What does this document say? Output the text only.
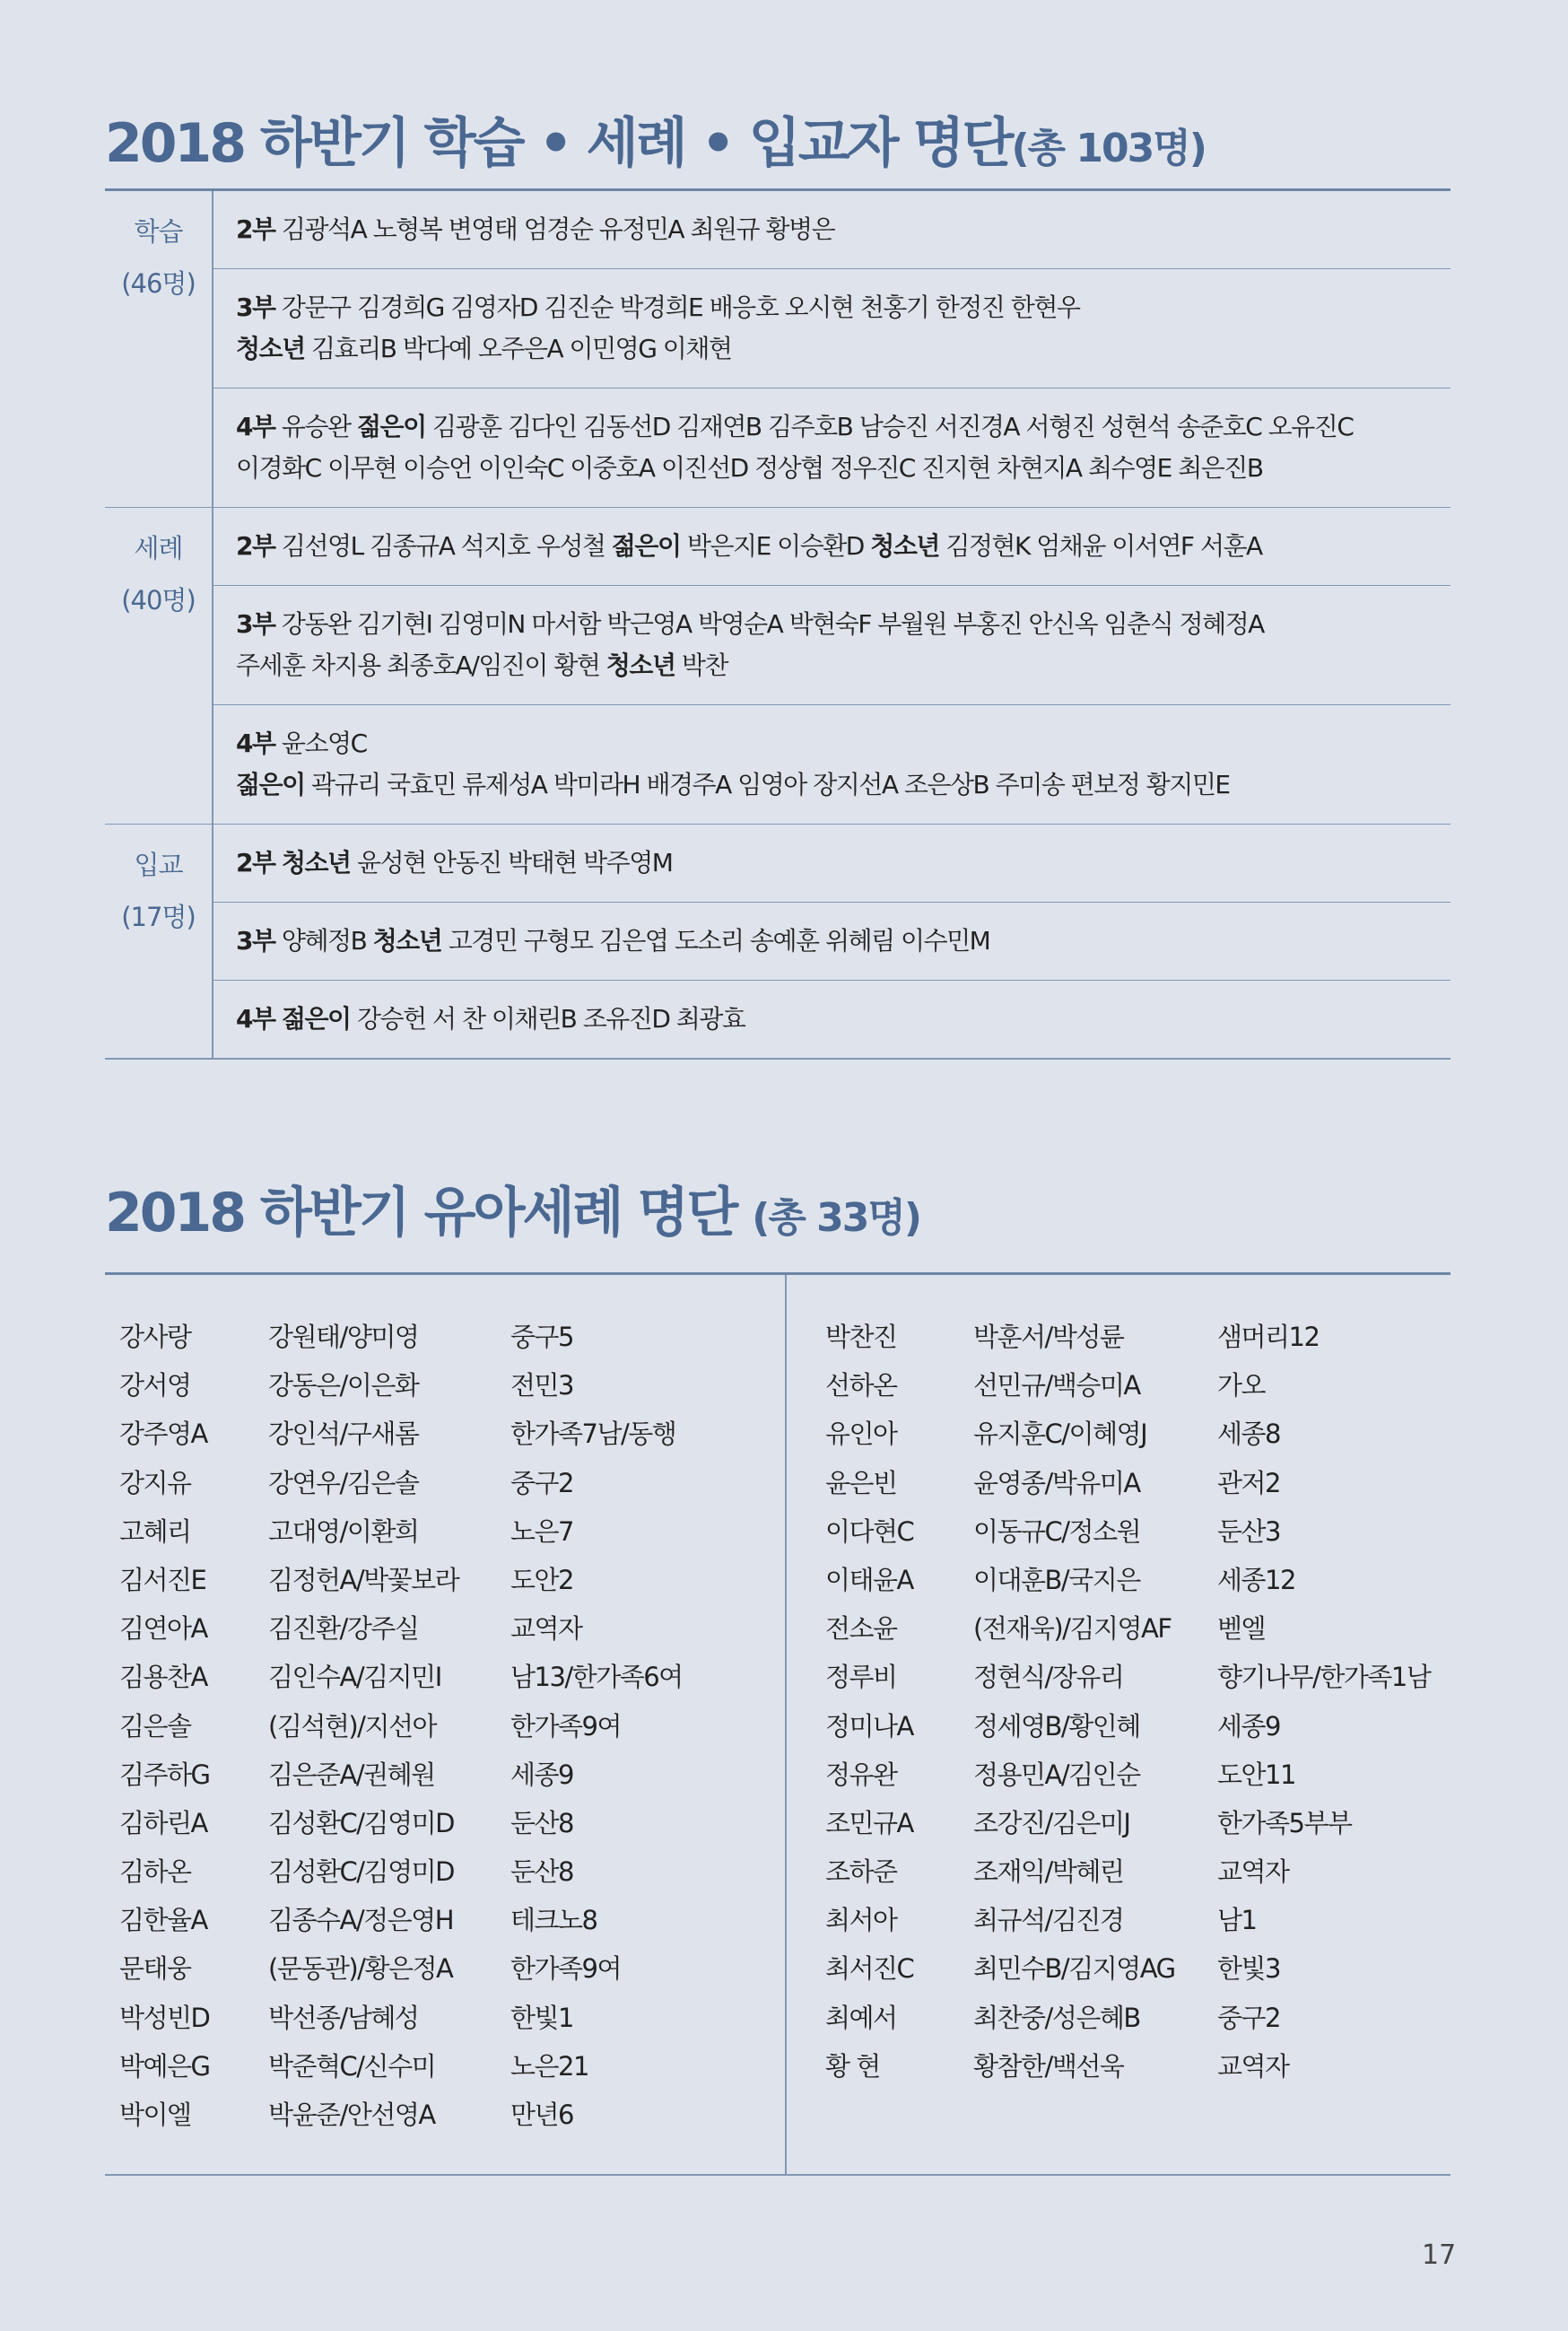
2018 하반기 학습 • 세례 • 입교자 명단(총 103명)
학습
(46명)
2부 김광석A 노형복 변영태 엄경순 유정민A 최원규 황병은
3부 강문구 김경희G 김영자D 김진순 박경희E 배응호 오시현 천홍기 한정진 한현우
청소년 김효리B 박다예 오주은A 이민영G 이채현
4부 유승완 젊은이 김광훈 김다인 김동선D 김재연B 김주호B 남승진 서진경A 서형진 성현석 송준호C 오유진C
이경화C 이무현 이승언 이인숙C 이중호A 이진선D 정상협 정우진C 진지현 차현지A 최수영E 최은진B
세례
(40명)
2부 김선영L 김종규A 석지호 우성철 젊은이 박은지E 이승환D 청소년 김정현K 엄채윤 이서연F 서훈A
3부 강동완 김기현I 김영미N 마서함 박근영A 박영순A 박현숙F 부월원 부홍진 안신옥 임춘식 정혜정A
주세훈 차지용 최종호A/임진이 황현 청소년 박찬
4부 윤소영C
젊은이 곽규리 국효민 류제성A 박미라H 배경주A 임영아 장지선A 조은상B 주미송 편보정 황지민E
입교
(17명)
2부 청소년 윤성현 안동진 박태현 박주영M
3부 양혜정B 청소년 고경민 구형모 김은엽 도소리 송예훈 위혜림 이수민M
4부 젊은이 강승헌 서 찬 이채린B 조유진D 최광효
2018 하반기 유아세례 명단 (총 33명)
강사랑
강서영
강주영A
강지유
고혜리
김서진E
김연아A
김용찬A
김은솔
김주하G
김하린A
김하온
김한율A
문태웅
박성빈D
박예은G
박이엘
강원태/양미영
강동은/이은화
강인석/구새롬
강연우/김은솔
고대영/이환희
김정헌A/박꽃보라
김진환/강주실
김인수A/김지민I
(김석현)/지선아
김은준A/권혜원
김성환C/김영미D
김성환C/김영미D
김종수A/정은영H
(문동관)/황은정A
박선종/남혜성
박준혁C/신수미
박윤준/안선영A
중구5
전민3
한가족7남/동행
중구2
노은7
도안2
교역자
남13/한가족6여
한가족9여
세종9
둔산8
둔산8
테크노8
한가족9여
한빛1
노은21
만년6
박찬진
선하온
유인아
윤은빈
이다현C
이태윤A
전소윤
정루비
정미나A
정유완
조민규A
조하준
최서아
최서진C
최예서
황 현
박훈서/박성륜
선민규/백승미A
유지훈C/이혜영J
윤영종/박유미A
이동규C/정소원
이대훈B/국지은
(전재욱)/김지영AF
정현식/장유리
정세영B/황인혜
정용민A/김인순
조강진/김은미J
조재익/박혜린
최규석/김진경
최민수B/김지영AG
최찬중/성은혜B
황참한/백선욱
샘머리12
가오
세종8
관저2
둔산3
세종12
벧엘
향기나무/한가족1남
세종9
도안11
한가족5부부
교역자
남1
한빛3
중구2
교역자
17
